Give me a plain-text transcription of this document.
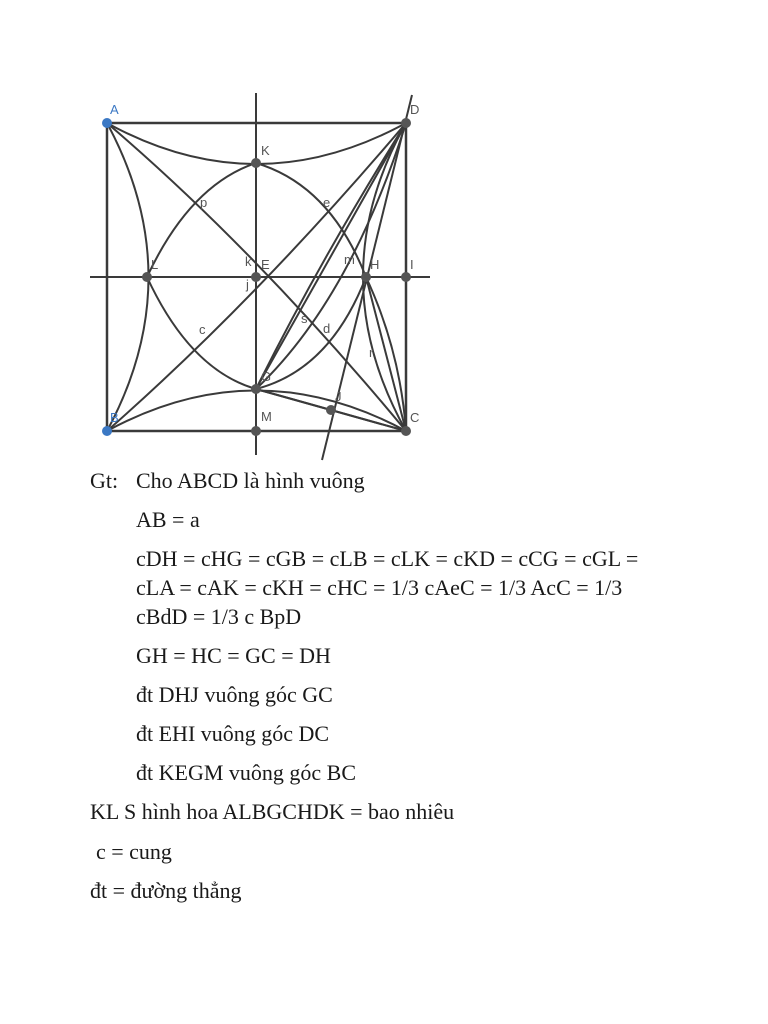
A
B	C
D
K
L	E	H I
G
M
J
p	e
k
j
m
c
s
d
r
Gt: Cho ABCD là hình vuông
AB = a
cDH = cHG = cGB = cLB = cLK = cKD = cCG = cGL =
cLA = cAK = cKH = cHC = 1/3 cAeC = 1/3 AcC = 1/3
cBdD = 1/3 c BpD
GH = HC = GC = DH
đt DHJ vuông góc GC
đt EHI vuông góc DC
đt KEGM vuông góc BC
KL S hình hoa ALBGCHDK = bao nhiêu
c = cung
đt = đường thẳng
